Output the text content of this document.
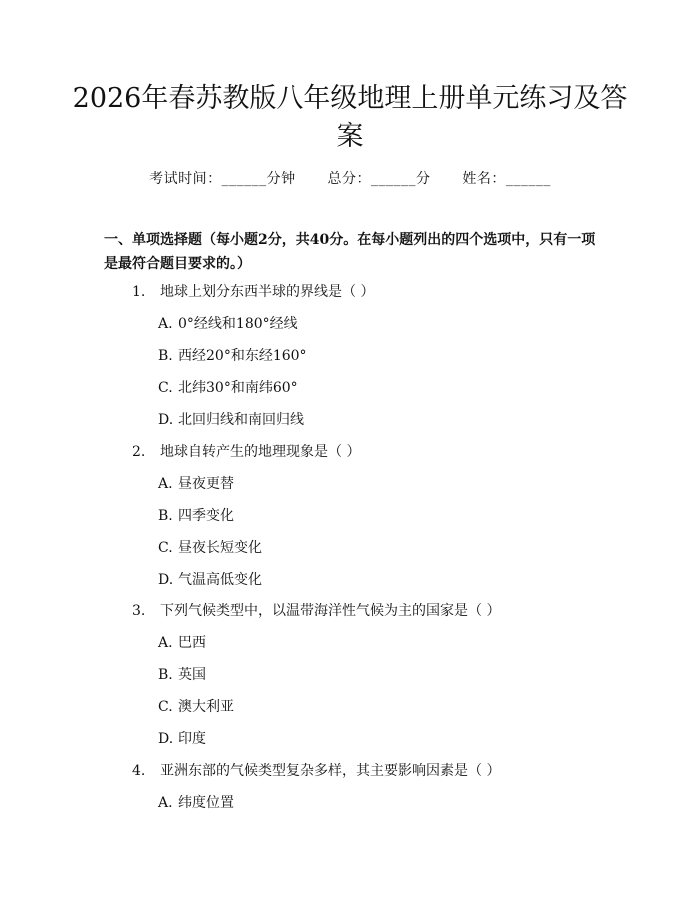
2026年春苏教版八年级地理上册单元练习及答案
考试时间：______分钟 总分：______分 姓名：______
一、单项选择题（每小题2分，共40分。在每小题列出的四个选项中，只有一项是最符合题目要求的。）
1. 地球上划分东西半球的界线是（ ）
A. 0°经线和180°经线
B. 西经20°和东经160°
C. 北纬30°和南纬60°
D. 北回归线和南回归线
2. 地球自转产生的地理现象是（ ）
A. 昼夜更替
B. 四季变化
C. 昼夜长短变化
D. 气温高低变化
3. 下列气候类型中，以温带海洋性气候为主的国家是（ ）
A. 巴西
B. 英国
C. 澳大利亚
D. 印度
4. 亚洲东部的气候类型复杂多样，其主要影响因素是（ ）
A. 纬度位置
